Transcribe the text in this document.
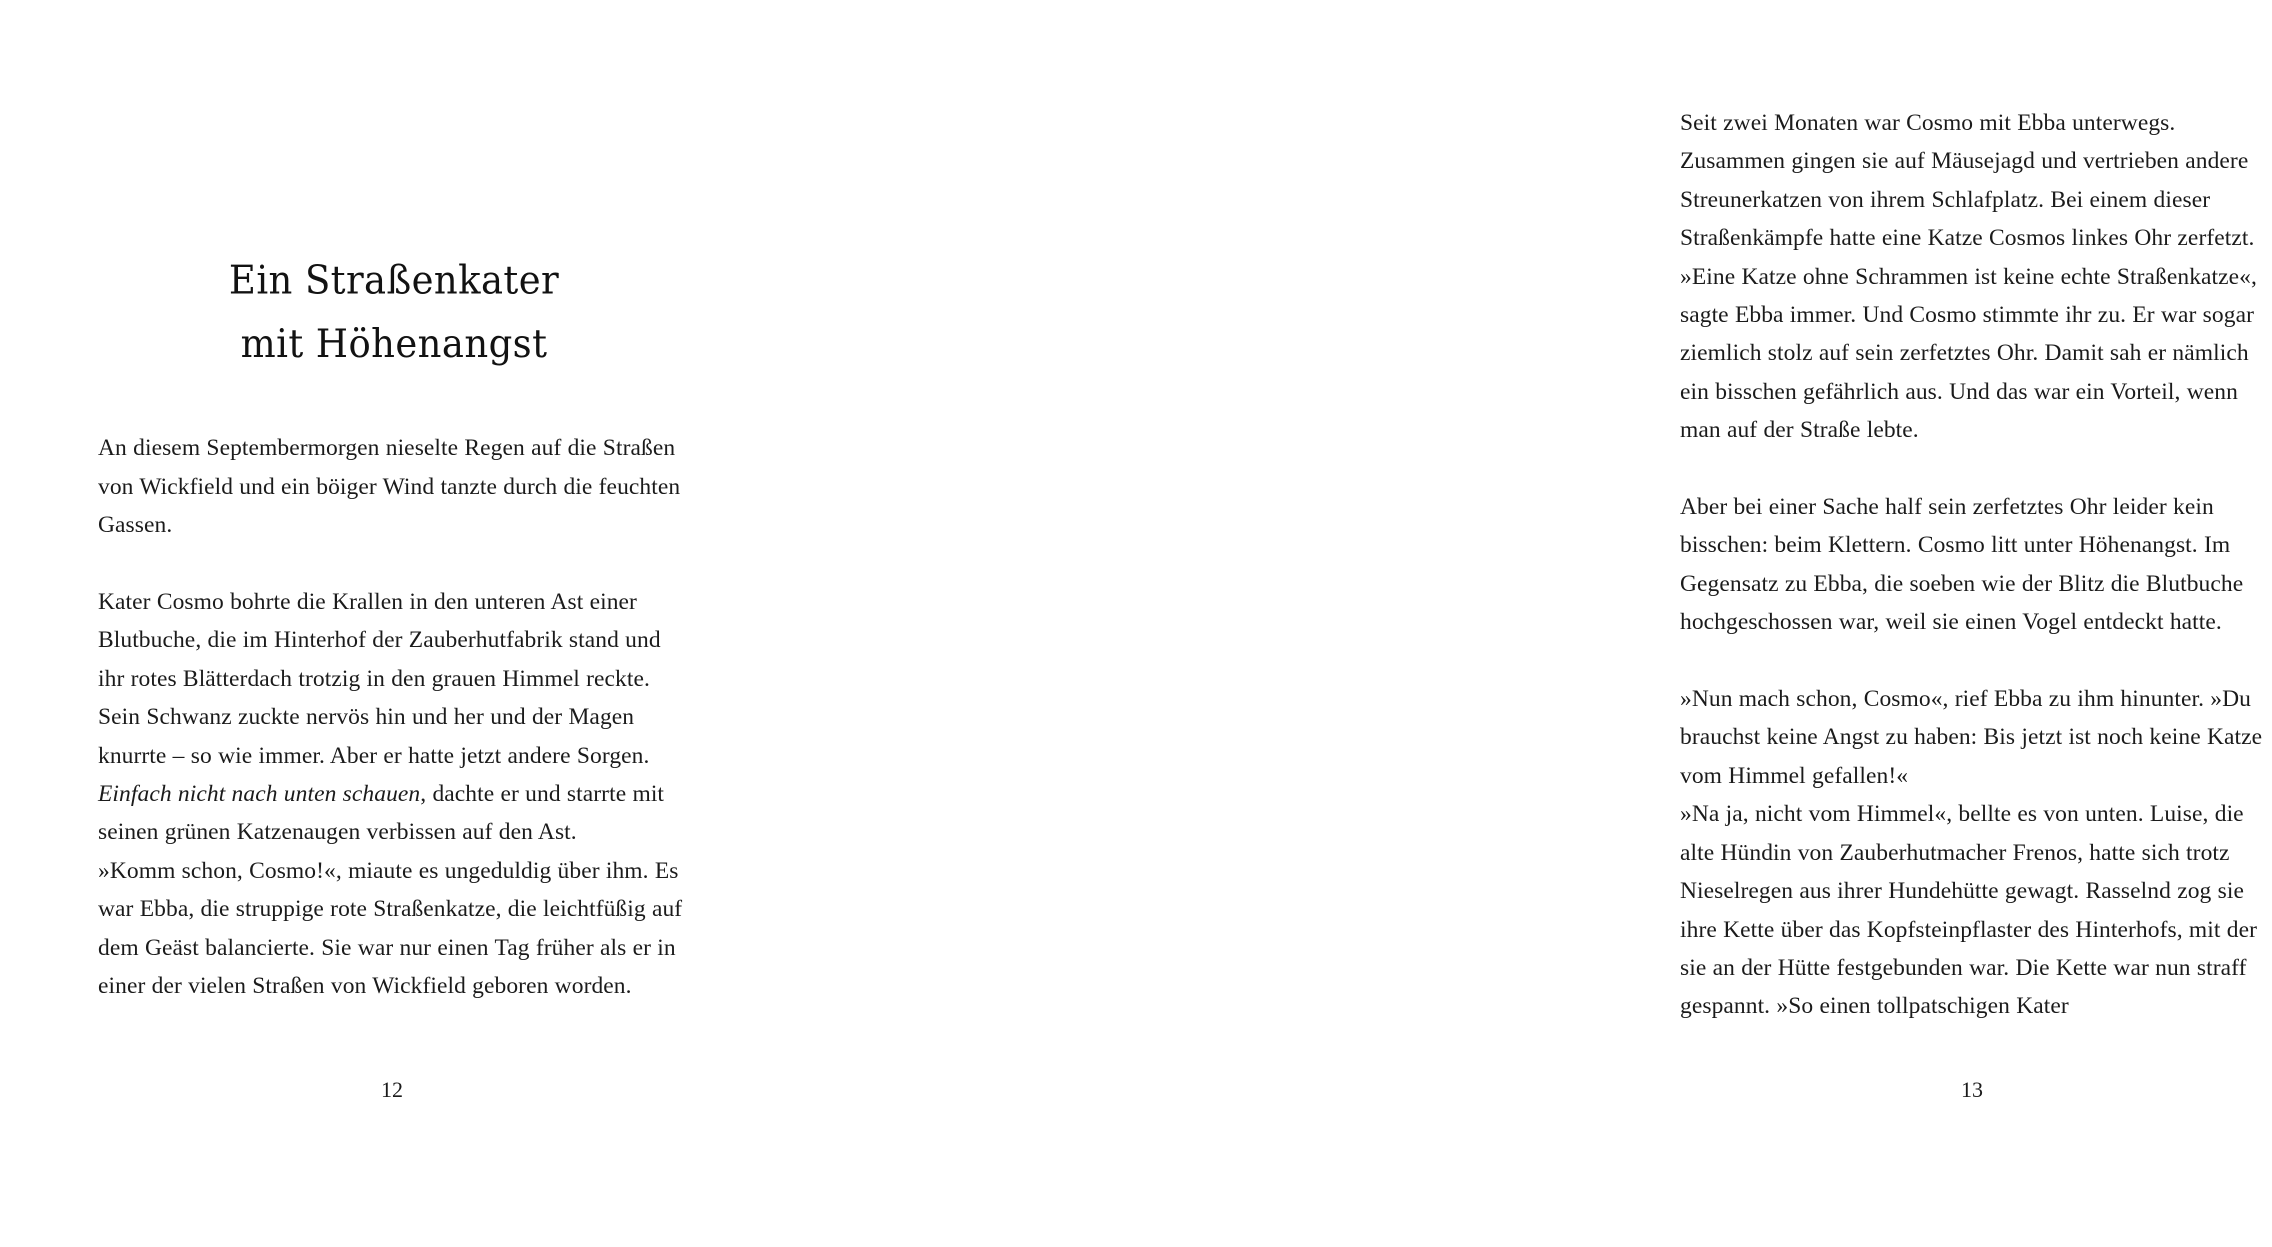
Ein Straßenkater
mit Höhenangst

An diesem Septembermorgen nieselte Regen auf die Straßen von Wickfield und ein böiger Wind tanzte durch die feuchten Gassen.

Kater Cosmo bohrte die Krallen in den unteren Ast einer Blutbuche, die im Hinterhof der Zauberhutfabrik stand und ihr rotes Blätterdach trotzig in den grauen Himmel reckte. Sein Schwanz zuckte nervös hin und her und der Magen knurrte – so wie immer. Aber er hatte jetzt andere Sorgen. Einfach nicht nach unten schauen, dachte er und starrte mit seinen grünen Katzenaugen verbissen auf den Ast.

»Komm schon, Cosmo!«, miaute es ungeduldig über ihm. Es war Ebba, die struppige rote Straßenkatze, die leichtfüßig auf dem Geäst balancierte. Sie war nur einen Tag früher als er in einer der vielen Straßen von Wickfield geboren worden.

12

Seit zwei Monaten war Cosmo mit Ebba unterwegs. Zusammen gingen sie auf Mäusejagd und vertrieben andere Streunerkatzen von ihrem Schlafplatz. Bei einem dieser Straßenkämpfe hatte eine Katze Cosmos linkes Ohr zerfetzt.

»Eine Katze ohne Schrammen ist keine echte Straßenkatze«, sagte Ebba immer. Und Cosmo stimmte ihr zu. Er war sogar ziemlich stolz auf sein zerfetztes Ohr. Damit sah er nämlich ein bisschen gefährlich aus. Und das war ein Vorteil, wenn man auf der Straße lebte.

Aber bei einer Sache half sein zerfetztes Ohr leider kein bisschen: beim Klettern. Cosmo litt unter Höhenangst. Im Gegensatz zu Ebba, die soeben wie der Blitz die Blutbuche hochgeschossen war, weil sie einen Vogel entdeckt hatte.

»Nun mach schon, Cosmo«, rief Ebba zu ihm hinunter. »Du brauchst keine Angst zu haben: Bis jetzt ist noch keine Katze vom Himmel gefallen!«

»Na ja, nicht vom Himmel«, bellte es von unten. Luise, die alte Hündin von Zauberhutmacher Frenos, hatte sich trotz Nieselregen aus ihrer Hundehütte gewagt. Rasselnd zog sie ihre Kette über das Kopfsteinpflaster des Hinterhofs, mit der sie an der Hütte festgebunden war. Die Kette war nun straff gespannt. »So einen tollpatschigen Kater

13
